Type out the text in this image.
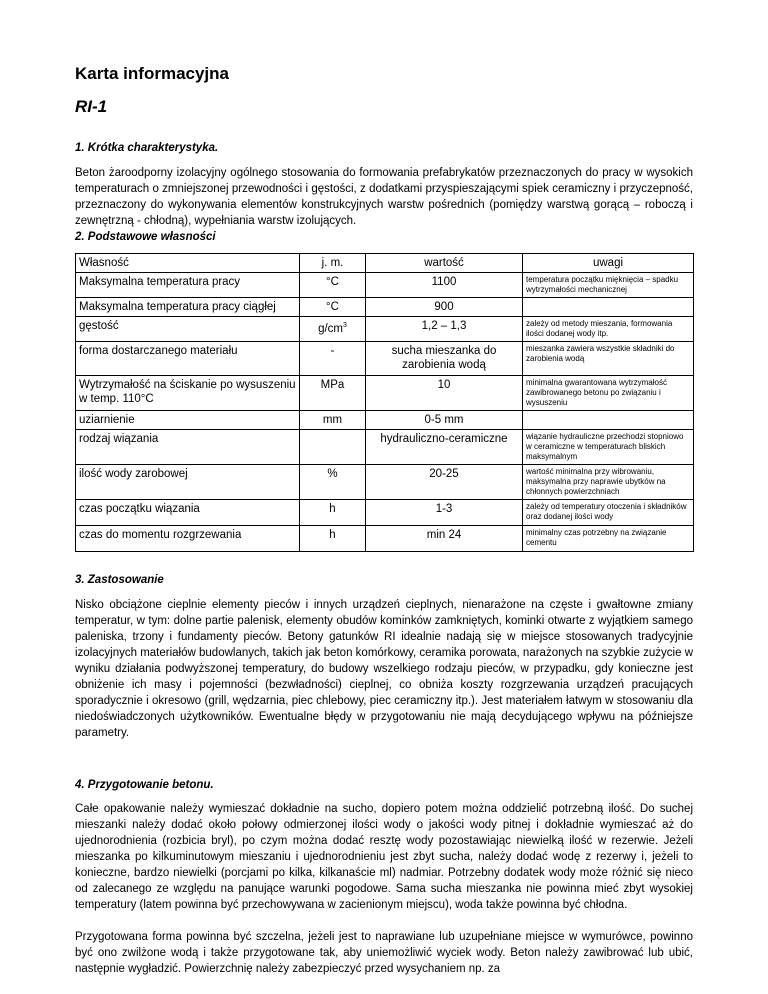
Karta informacyjna
RI-1

1. Krótka charakterystyka.

Beton żaroodporny izolacyjny ogólnego stosowania do formowania prefabrykatów przeznaczonych do pracy w wysokich temperaturach o zmniejszonej przewodności i gęstości, z dodatkami przyspieszającymi spiek ceramiczny i przyczepność, przeznaczony do wykonywania elementów konstrukcyjnych warstw pośrednich (pomiędzy warstwą gorącą – roboczą i zewnętrzną - chłodną), wypełniania warstw izolujących.

2. Podstawowe własności

Własność	j. m.	wartość	uwagi
Maksymalna temperatura pracy	°C	1100	temperatura początku mięknięcia – spadku wytrzymałości mechanicznej
Maksymalna temperatura pracy ciągłej	°C	900	
gęstość	$g/cm^3$	1,2 – 1,3	zależy od metody mieszania, formowania ilości dodanej wody itp.
forma dostarczanego materiału	-	sucha mieszanka do zarobienia wodą	mieszanka zawiera wszystkie składniki do zarobienia wodą
Wytrzymałość na ściskanie po wysuszeniu w temp. 110°C	MPa	10	minimalna gwarantowana wytrzymałość zawibrowanego betonu po związaniu i wysuszeniu
uziarnienie	mm	0-5 mm	
rodzaj wiązania		hydrauliczno-ceramiczne	wiązanie hydrauliczne przechodzi stopniowo w ceramiczne w temperaturach bliskich maksymalnym
ilość wody zarobowej	%	20-25	wartość minimalna przy wibrowaniu, maksymalna przy naprawie ubytków na chłonnych powierzchniach
czas początku wiązania	h	1-3	zależy od temperatury otoczenia i składników oraz dodanej ilości wody
czas do momentu rozgrzewania	h	min 24	minimalny czas potrzebny na związanie cementu

3. Zastosowanie

Nisko obciążone cieplnie elementy pieców i innych urządzeń cieplnych, nienarażone na częste i gwałtowne zmiany temperatur, w tym: dolne partie palenisk, elementy obudów kominków zamkniętych, kominki otwarte z wyjątkiem samego paleniska, trzony i fundamenty pieców. Betony gatunków RI idealnie nadają się w miejsce stosowanych tradycyjnie izolacyjnych materiałów budowlanych, takich jak beton komórkowy, ceramika porowata, narażonych na szybkie zużycie w wyniku działania podwyższonej temperatury, do budowy wszelkiego rodzaju pieców, w przypadku, gdy konieczne jest obniżenie ich masy i pojemności (bezwładności) cieplnej, co obniża koszty rozgrzewania urządzeń pracujących sporadycznie i okresowo (grill, wędzarnia, piec chlebowy, piec ceramiczny itp.). Jest materiałem łatwym w stosowaniu dla niedoświadczonych użytkowników. Ewentualne błędy w przygotowaniu nie mają decydującego wpływu na późniejsze parametry.

4. Przygotowanie betonu.

Całe opakowanie należy wymieszać dokładnie na sucho, dopiero potem można oddzielić potrzebną ilość. Do suchej mieszanki należy dodać około połowy odmierzonej ilości wody o jakości wody pitnej i dokładnie wymieszać aż do ujednorodnienia (rozbicia bryl), po czym można dodać resztę wody pozostawiając niewielką ilość w rezerwie. Jeżeli mieszanka po kilkuminutowym mieszaniu i ujednorodnieniu jest zbyt sucha, należy dodać wodę z rezerwy i, jeżeli to konieczne, bardzo niewielki (porcjami po kilka, kilkanaście ml) nadmiar. Potrzebny dodatek wody może różnić się nieco od zalecanego ze względu na panujące warunki pogodowe. Sama sucha mieszanka nie powinna mieć zbyt wysokiej temperatury (latem powinna być przechowywana w zacienionym miejscu), woda także powinna być chłodna.

Przygotowana forma powinna być szczelna, jeżeli jest to naprawiane lub uzupełniane miejsce w wymurówce, powinno być ono zwilżone wodą i także przygotowane tak, aby uniemożliwić wyciek wody. Beton należy zawibrować lub ubić, następnie wygładzić. Powierzchnię należy zabezpieczyć przed wysychaniem np. za
